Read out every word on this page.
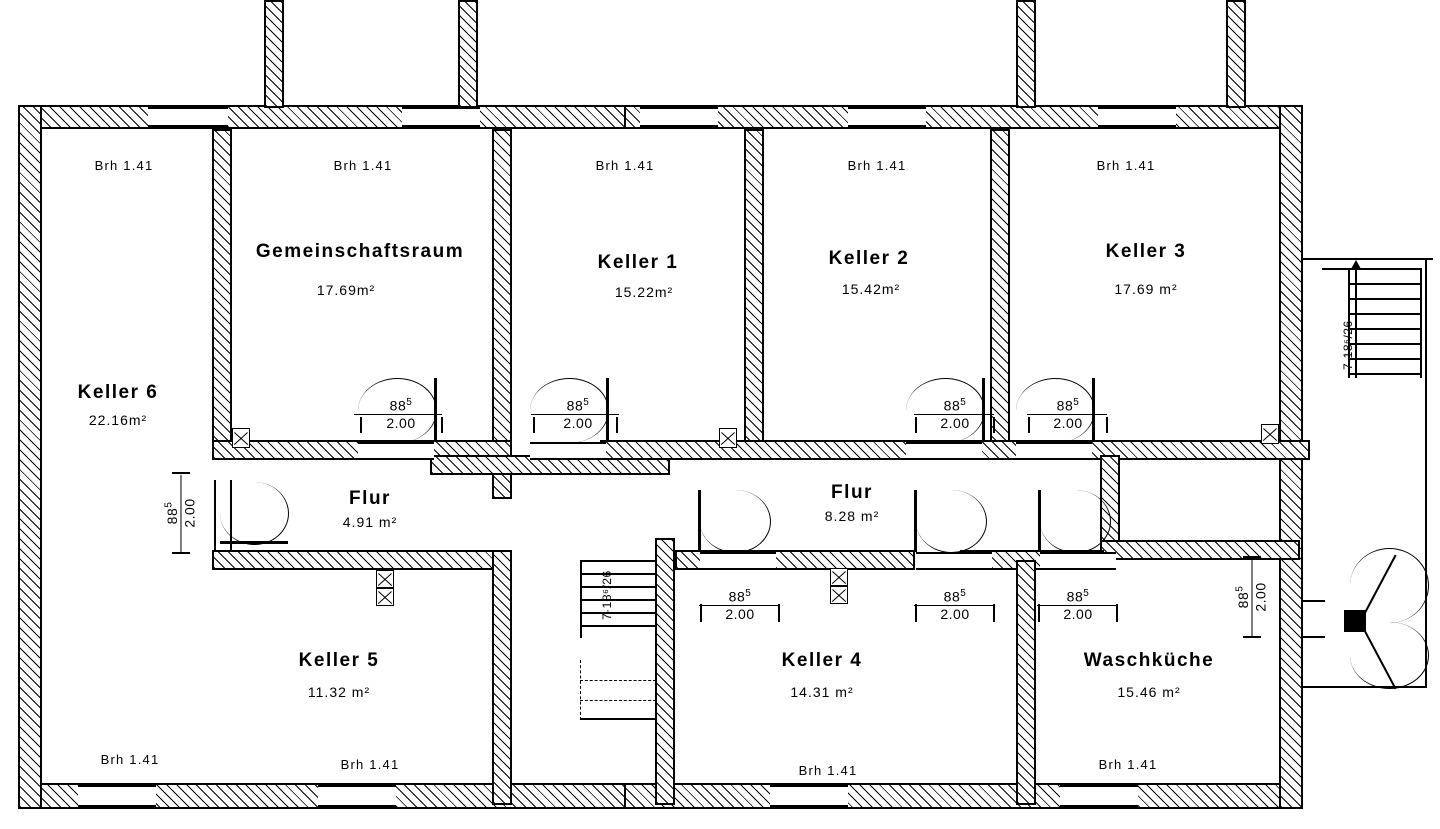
7·18⁶/26
7·18⁶/26
Keller 6
22.16m²
Gemeinschaftsraum
17.69m²
Keller 1
15.22m²
Keller 2
15.42m²
Keller 3
17.69 m²
Flur
4.91 m²
Flur
8.28 m²
Keller 5
11.32 m²
Keller 4
14.31 m²
Waschküche
15.46 m²
Brh 1.41	Brh 1.41	Brh 1.41	Brh 1.41	Brh 1.41
Brh 1.41	Brh 1.41	Brh 1.41	Brh 1.41
$88^5$
2.00
$88^5$
2.00
$88^5$
2.00
$88^5$
2.00
$88^5$ 2.00
$88^5$
2.00
$88^5$
2.00
$88^5$
2.00
$88^5$ 2.00
